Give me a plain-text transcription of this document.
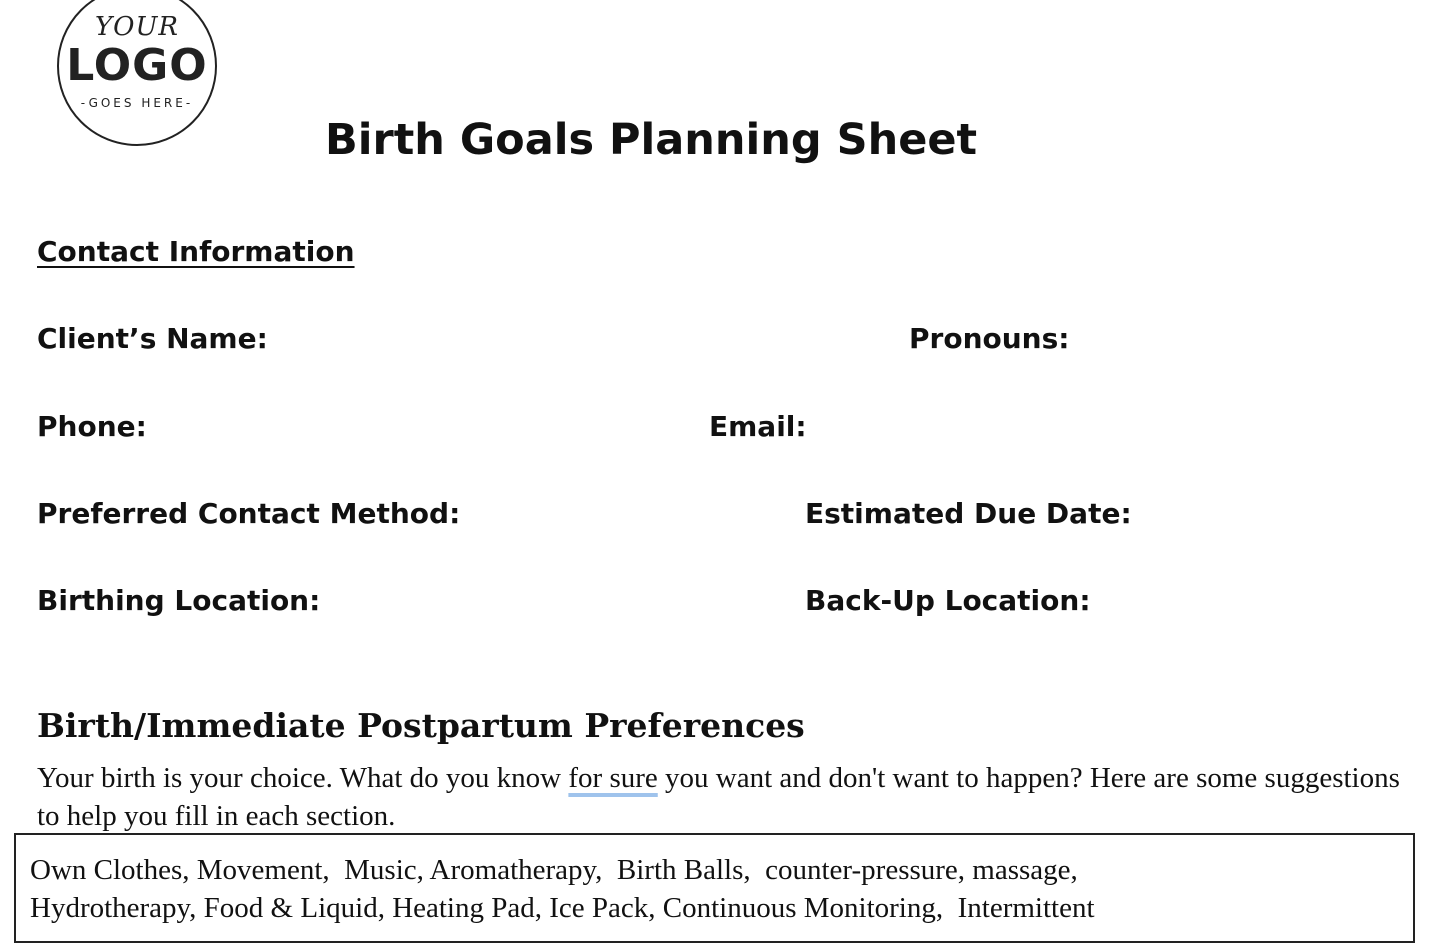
YOUR
LOGO
-GOES HERE-
Birth Goals Planning Sheet
Contact Information
Client’s Name:	Pronouns:
Phone:	Email:
Preferred Contact Method:	Estimated Due Date:
Birthing Location:	Back-Up Location:
Birth/Immediate Postpartum Preferences

Your birth is your choice. What do you know for sure you want and don't want to happen? Here are some suggestions to help you fill in each section.

Own Clothes, Movement,  Music, Aromatherapy,  Birth Balls,  counter-pressure, massage,
Hydrotherapy, Food & Liquid, Heating Pad, Ice Pack, Continuous Monitoring,  Intermittent
